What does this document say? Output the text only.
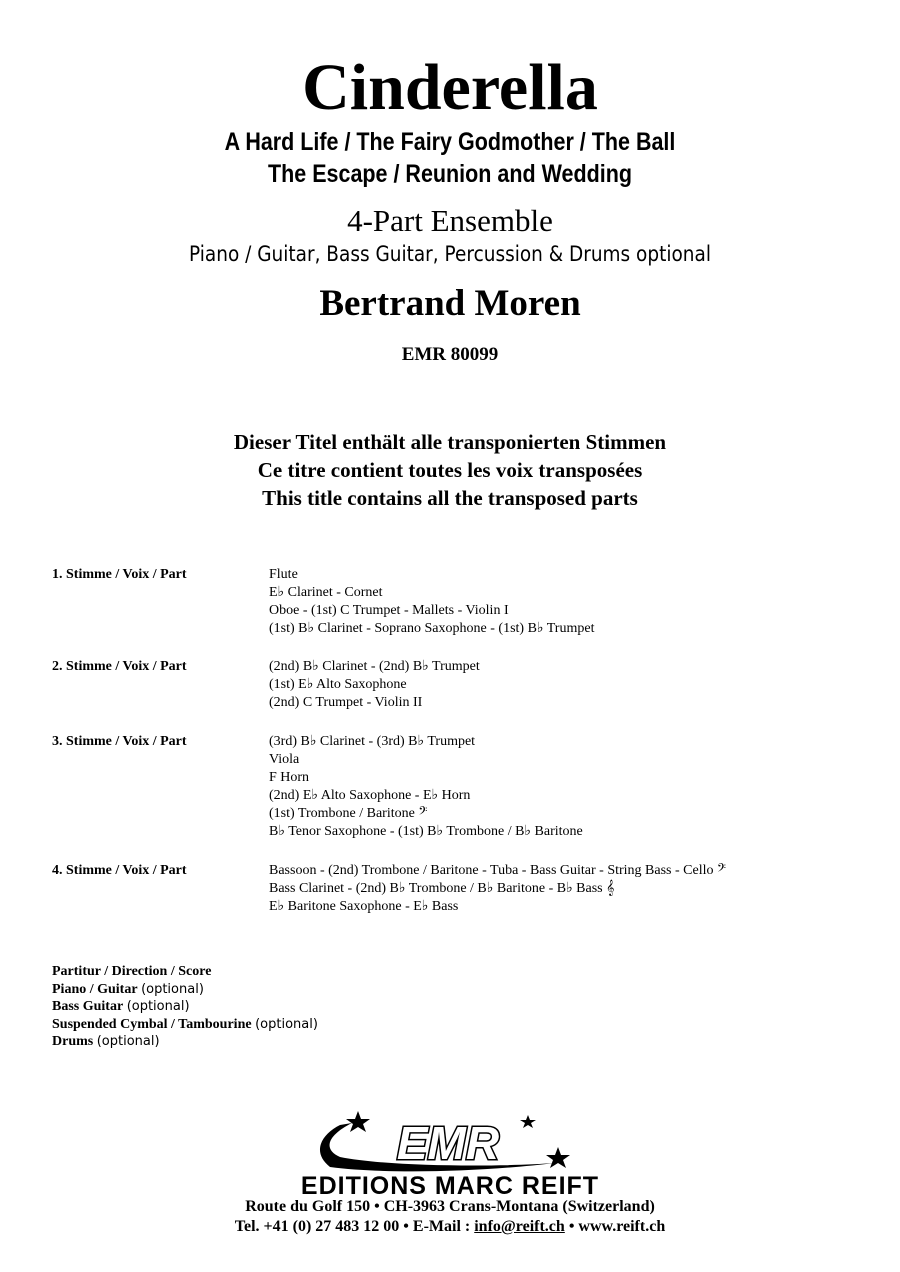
Cinderella
A Hard Life / The Fairy Godmother / The Ball
The Escape / Reunion and Wedding
4-Part Ensemble
Piano / Guitar, Bass Guitar, Percussion & Drums optional
Bertrand Moren
EMR 80099
Dieser Titel enthält alle transponierten Stimmen
Ce titre contient toutes les voix transposées
This title contains all the transposed parts
1. Stimme / Voix / Part	Flute
E♭ Clarinet - Cornet
Oboe - (1st) C Trumpet - Mallets - Violin I
(1st) B♭ Clarinet - Soprano Saxophone - (1st) B♭ Trumpet
2. Stimme / Voix / Part	(2nd) B♭ Clarinet - (2nd) B♭ Trumpet
(1st) E♭ Alto Saxophone
(2nd) C Trumpet - Violin II
3. Stimme / Voix / Part	(3rd) B♭ Clarinet - (3rd) B♭ Trumpet
Viola
F Horn
(2nd) E♭ Alto Saxophone - E♭ Horn
(1st) Trombone / Baritone 𝄢
B♭ Tenor Saxophone - (1st) B♭ Trombone / B♭ Baritone
4. Stimme / Voix / Part	Bassoon - (2nd) Trombone / Baritone - Tuba - Bass Guitar - String Bass - Cello 𝄢
Bass Clarinet - (2nd) B♭ Trombone / B♭ Baritone - B♭ Bass 𝄞
E♭ Baritone Saxophone - E♭ Bass
Partitur / Direction / Score
Piano / Guitar (optional)
Bass Guitar (optional)
Suspended Cymbal / Tambourine (optional)
Drums (optional)
EMR
EDITIONS MARC REIFT
Route du Golf 150 • CH-3963 Crans-Montana (Switzerland)
Tel. +41 (0) 27 483 12 00 • E-Mail : info@reift.ch • www.reift.ch
